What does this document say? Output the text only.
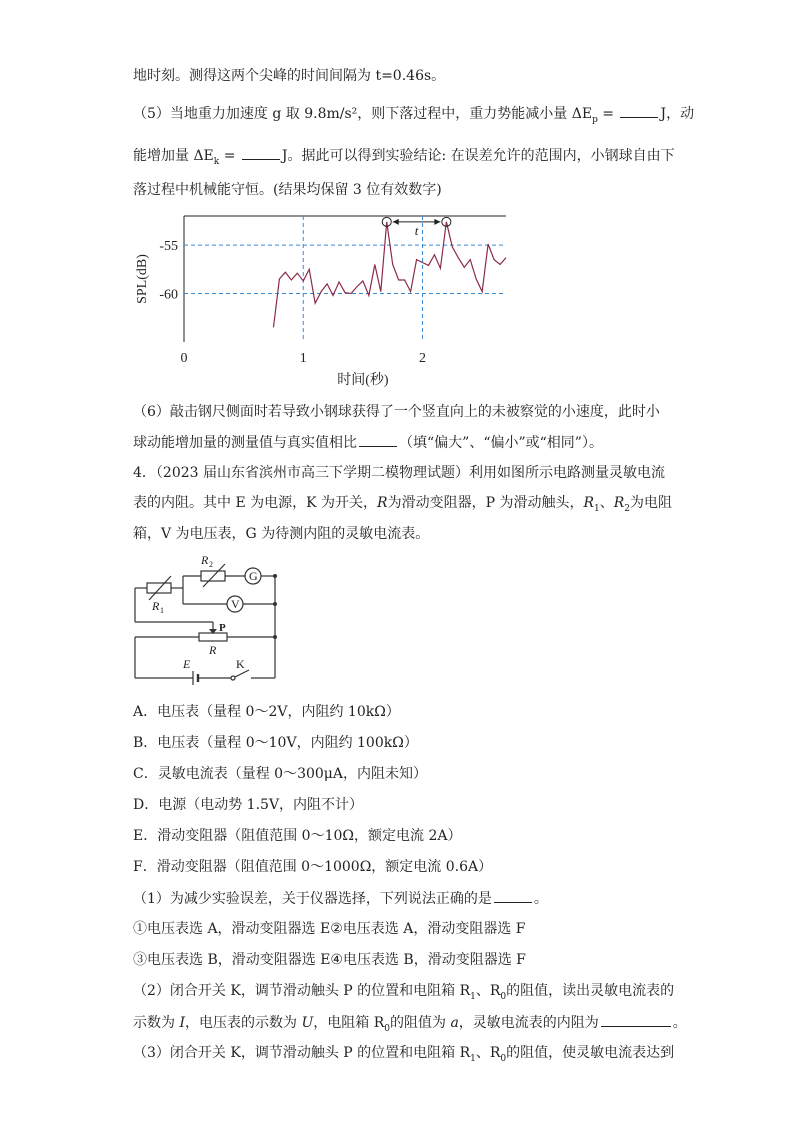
地时刻。测得这两个尖峰的时间间隔为 t=0.46s。
（5）当地重力加速度 g 取 9.8m/s²，则下落过程中，重力势能减小量 $\Delta E_p$ =	J，动
能增加量 $\Delta E_k$ =	J。据此可以得到实验结论: 在误差允许的范围内，小钢球自由下
落过程中机械能守恒。(结果均保留 3 位有效数字)
-55
-60
0	1	2
t
SPL(dB)
时间(秒)
（6）敲击钢尺侧面时若导致小钢球获得了一个竖直向上的未被察觉的小速度，此时小
球动能增加量的测量值与真实值相比	（填“偏大”、“偏小”或“相同”）。
4．（2023 届山东省滨州市高三下学期二模物理试题）利用如图所示电路测量灵敏电流
表的内阻。其中 E 为电源，K 为开关，R为滑动变阻器，P 为滑动触头，$R_1$、$R_2$为电阻
箱，V 为电压表，G 为待测内阻的灵敏电流表。
R 2
R 1
G
V
P
R
E	K
A．电压表（量程 0～2V，内阻约 10kΩ）
B．电压表（量程 0～10V，内阻约 100kΩ）
C．灵敏电流表（量程 0～300μA，内阻未知）
D．电源（电动势 1.5V，内阻不计）
E．滑动变阻器（阻值范围 0～10Ω，额定电流 2A）
F．滑动变阻器（阻值范围 0～1000Ω，额定电流 0.6A）
（1）为减少实验误差，关于仪器选择，下列说法正确的是	。
①电压表选 A，滑动变阻器选 E②电压表选 A，滑动变阻器选 F
③电压表选 B，滑动变阻器选 E④电压表选 B，滑动变阻器选 F
（2）闭合开关 K，调节滑动触头 P 的位置和电阻箱 $R_1$、$R_0$的阻值，读出灵敏电流表的
示数为 I，电压表的示数为 U，电阻箱 $R_0$的阻值为 a，灵敏电流表的内阻为	。
（3）闭合开关 K，调节滑动触头 P 的位置和电阻箱 $R_1$、$R_0$的阻值，使灵敏电流表达到
